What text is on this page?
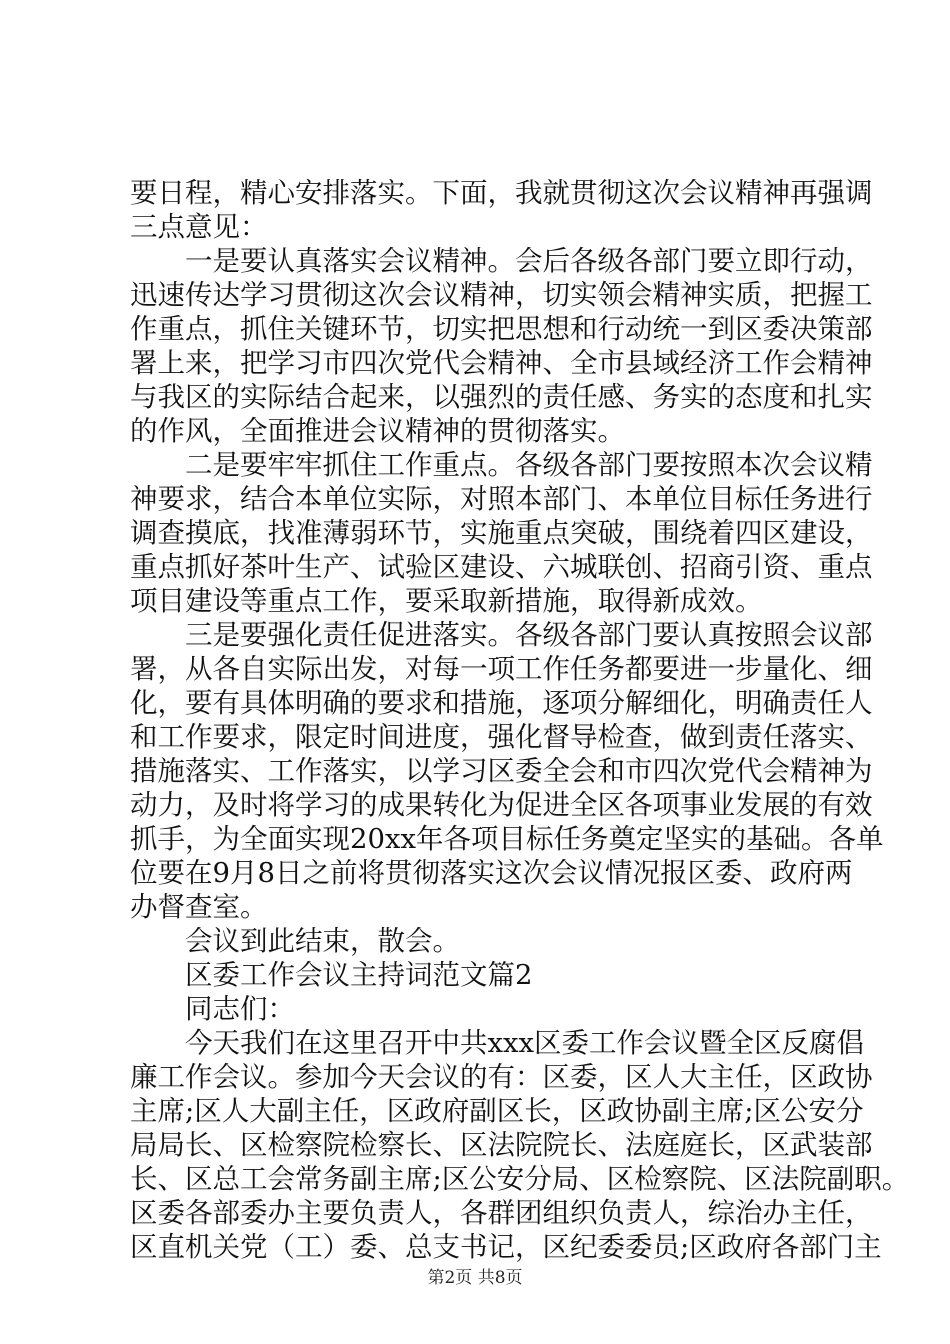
要日程，精心安排落实。下面，我就贯彻这次会议精神再强调
三点意见：
　　一是要认真落实会议精神。会后各级各部门要立即行动，
迅速传达学习贯彻这次会议精神，切实领会精神实质，把握工
作重点，抓住关键环节，切实把思想和行动统一到区委决策部
署上来，把学习市四次党代会精神、全市县域经济工作会精神
与我区的实际结合起来，以强烈的责任感、务实的态度和扎实
的作风，全面推进会议精神的贯彻落实。
　　二是要牢牢抓住工作重点。各级各部门要按照本次会议精
神要求，结合本单位实际，对照本部门、本单位目标任务进行
调查摸底，找准薄弱环节，实施重点突破，围绕着四区建设，
重点抓好茶叶生产、试验区建设、六城联创、招商引资、重点
项目建设等重点工作，要采取新措施，取得新成效。
　　三是要强化责任促进落实。各级各部门要认真按照会议部
署，从各自实际出发，对每一项工作任务都要进一步量化、细
化，要有具体明确的要求和措施，逐项分解细化，明确责任人
和工作要求，限定时间进度，强化督导检查，做到责任落实、
措施落实、工作落实，以学习区委全会和市四次党代会精神为
动力，及时将学习的成果转化为促进全区各项事业发展的有效
抓手，为全面实现20xx年各项目标任务奠定坚实的基础。各单
位要在9月8日之前将贯彻落实这次会议情况报区委、政府两
办督查室。
　　会议到此结束，散会。
　　区委工作会议主持词范文篇2
　　同志们：
　　今天我们在这里召开中共xxx区委工作会议暨全区反腐倡
廉工作会议。参加今天会议的有：区委，区人大主任，区政协
主席;区人大副主任，区政府副区长，区政协副主席;区公安分
局局长、区检察院检察长、区法院院长、法庭庭长，区武装部
长、区总工会常务副主席;区公安分局、区检察院、区法院副职。
区委各部委办主要负责人，各群团组织负责人，综治办主任，
区直机关党（工）委、总支书记，区纪委委员;区政府各部门主
第2页 共8页
